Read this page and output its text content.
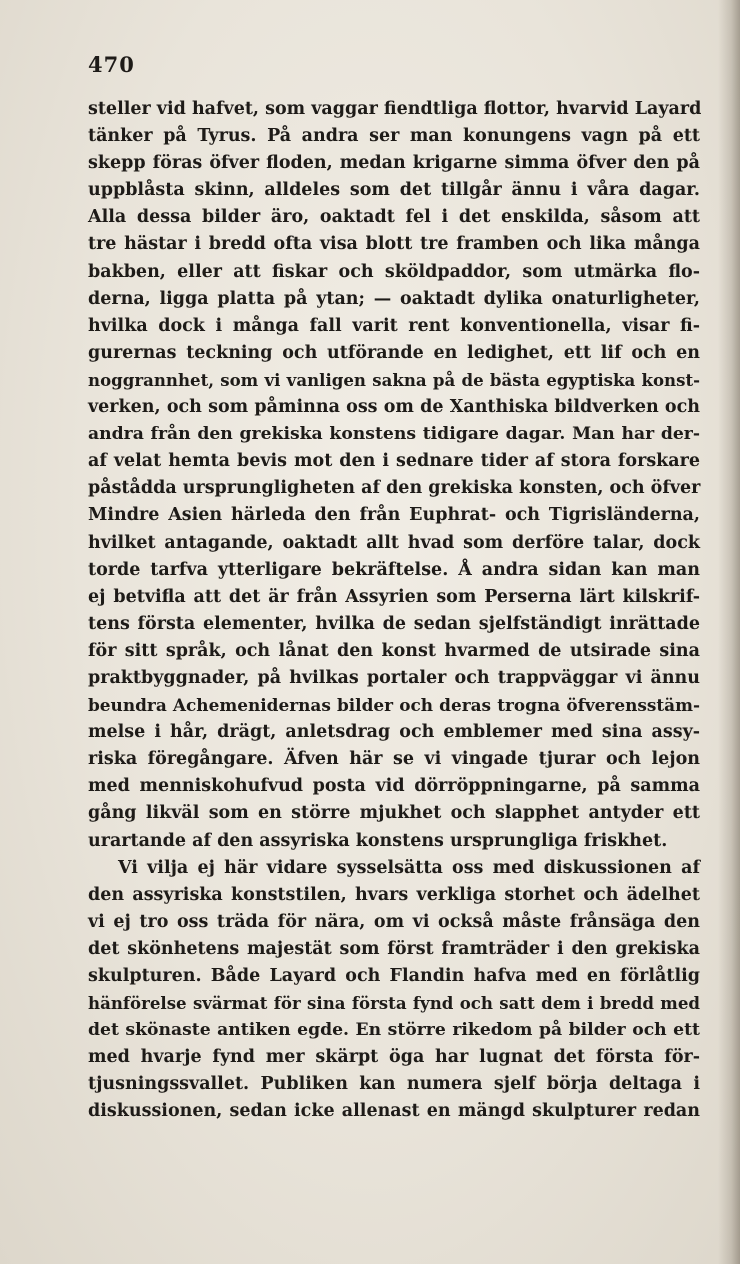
470
steller vid hafvet, som vaggar fiendtliga flottor, hvarvid Layard
tänker på Tyrus. På andra ser man konungens vagn på ett
skepp föras öfver floden, medan krigarne simma öfver den på
uppblåsta skinn, alldeles som det tillgår ännu i våra dagar.
Alla dessa bilder äro, oaktadt fel i det enskilda, såsom att
tre hästar i bredd ofta visa blott tre framben och lika många
bakben, eller att fiskar och sköldpaddor, som utmärka flo-
derna, ligga platta på ytan; — oaktadt dylika onaturligheter,
hvilka dock i många fall varit rent konventionella, visar fi-
gurernas teckning och utförande en ledighet, ett lif och en
noggrannhet, som vi vanligen sakna på de bästa egyptiska konst-
verken, och som påminna oss om de Xanthiska bildverken och
andra från den grekiska konstens tidigare dagar. Man har der-
af velat hemta bevis mot den i sednare tider af stora forskare
påstådda ursprungligheten af den grekiska konsten, och öfver
Mindre Asien härleda den från Euphrat- och Tigrisländerna,
hvilket antagande, oaktadt allt hvad som derföre talar, dock
torde tarfva ytterligare bekräftelse. Å andra sidan kan man
ej betvifla att det är från Assyrien som Perserna lärt kilskrif-
tens första elementer, hvilka de sedan sjelfständigt inrättade
för sitt språk, och lånat den konst hvarmed de utsirade sina
praktbyggnader, på hvilkas portaler och trappväggar vi ännu
beundra Achemenidernas bilder och deras trogna öfverensstäm-
melse i hår, drägt, anletsdrag och emblemer med sina assy-
riska föregångare. Äfven här se vi vingade tjurar och lejon
med menniskohufvud posta vid dörröppningarne, på samma
gång likväl som en större mjukhet och slapphet antyder ett
urartande af den assyriska konstens ursprungliga friskhet.
Vi vilja ej här vidare sysselsätta oss med diskussionen af
den assyriska konststilen, hvars verkliga storhet och ädelhet
vi ej tro oss träda för nära, om vi också måste frånsäga den
det skönhetens majestät som först framträder i den grekiska
skulpturen. Både Layard och Flandin hafva med en förlåtlig
hänförelse svärmat för sina första fynd och satt dem i bredd med
det skönaste antiken egde. En större rikedom på bilder och ett
med hvarje fynd mer skärpt öga har lugnat det första för-
tjusningssvallet. Publiken kan numera sjelf börja deltaga i
diskussionen, sedan icke allenast en mängd skulpturer redan
